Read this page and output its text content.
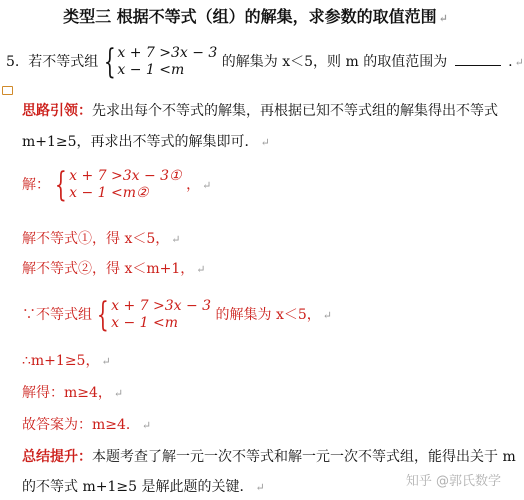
类型三 根据不等式（组）的解集，求参数的取值范围 ↵
5. 若不等式组 { x + 7 >3x − 3
x − 1 <m	的解集为 x＜5，则 m 的取值范围为	. ↵
思路引领：先求出每个不等式的解集，再根据已知不等式组的解集得出不等式
m+1≥5，再求出不等式的解集即可． ↵
解： { x + 7 >3x − 3①
x − 1 <m②	， ↵
解不等式①，得 x＜5， ↵
解不等式②，得 x＜m+1， ↵
∵不等式组 { x + 7 >3x − 3
x − 1 <m	的解集为 x＜5， ↵
∴m+1≥5， ↵
解得：m≥4， ↵
故答案为：m≥4． ↵
总结提升：本题考查了解一元一次不等式和解一元一次不等式组，能得出关于 m
的不等式 m+1≥5 是解此题的关键． ↵	知乎 @郭氏数学
